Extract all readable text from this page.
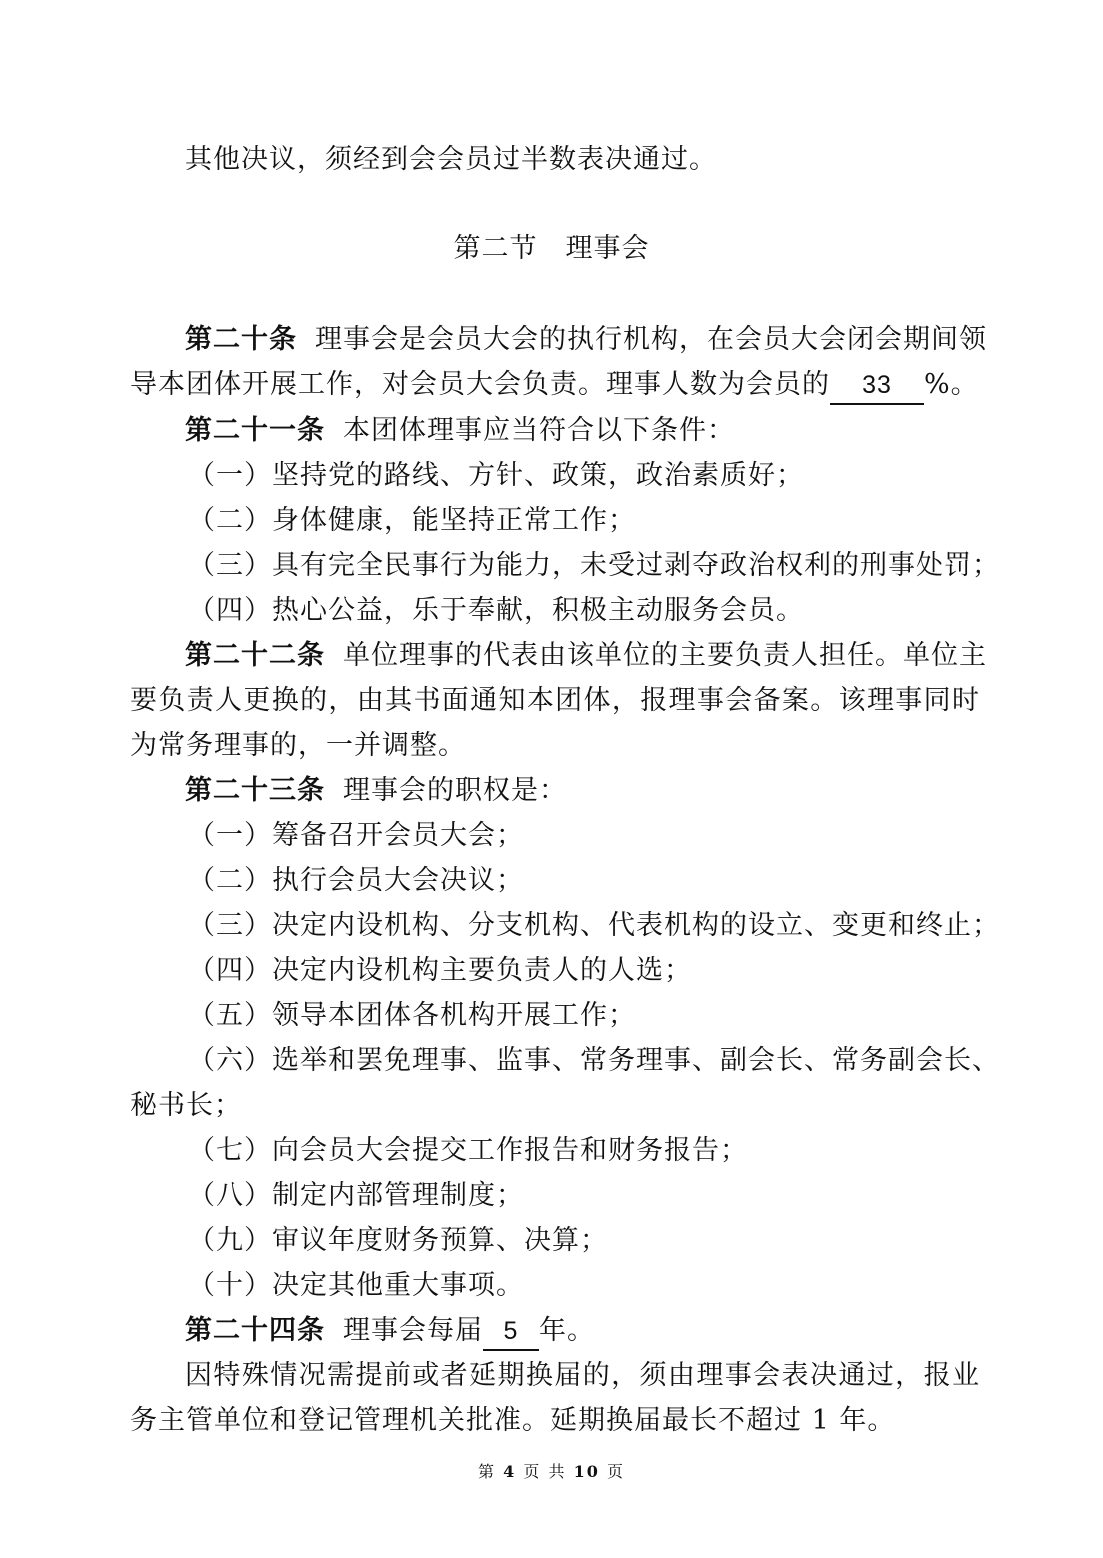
其他决议，须经到会会员过半数表决通过。
第二节　理事会
第二十条 理事会是会员大会的执行机构，在会员大会闭会期间领
导本团体开展工作，对会员大会负责。理事人数为会员的 33 %。
第二十一条 本团体理事应当符合以下条件：
（一）坚持党的路线、方针、政策，政治素质好；
（二）身体健康，能坚持正常工作；
（三）具有完全民事行为能力，未受过剥夺政治权利的刑事处罚；
（四）热心公益，乐于奉献，积极主动服务会员。
第二十二条 单位理事的代表由该单位的主要负责人担任。单位主
要负责人更换的，由其书面通知本团体，报理事会备案。该理事同时
为常务理事的，一并调整。
第二十三条 理事会的职权是：
（一）筹备召开会员大会；
（二）执行会员大会决议；
（三）决定内设机构、分支机构、代表机构的设立、变更和终止；
（四）决定内设机构主要负责人的人选；
（五）领导本团体各机构开展工作；
（六）选举和罢免理事、监事、常务理事、副会长、常务副会长、
秘书长；
（七）向会员大会提交工作报告和财务报告；
（八）制定内部管理制度；
（九）审议年度财务预算、决算；
（十）决定其他重大事项。
第二十四条 理事会每届 5 年。
因特殊情况需提前或者延期换届的，须由理事会表决通过，报业
务主管单位和登记管理机关批准。延期换届最长不超过 1 年。
第 4 页 共 10 页
